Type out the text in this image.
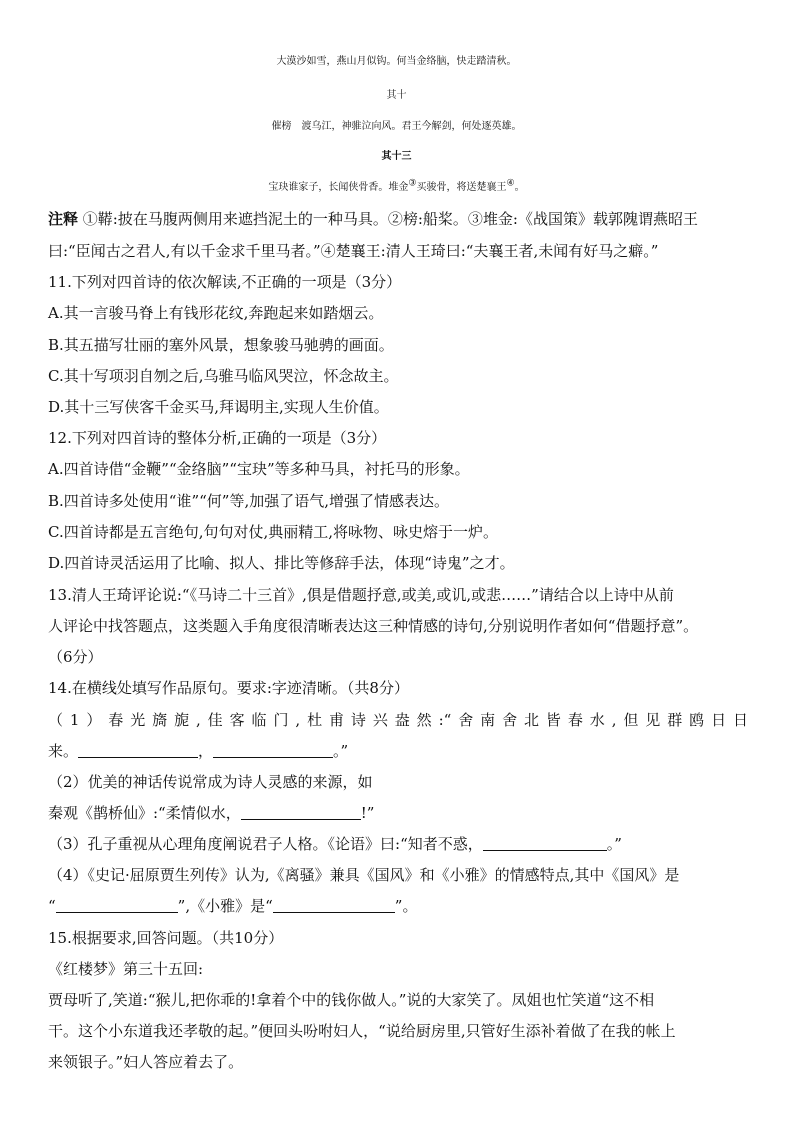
大漠沙如雪，燕山月似钩。何当金络脑，快走踏清秋。
其十
催榜　渡乌江，神骓泣向风。君王今解剑，何处逐英雄。
其十三
宝玦谁家子，长闻侠骨香。堆金③买骏骨，将送楚襄王④。
注释 ①鞯:披在马腹两侧用来遮挡泥土的一种马具。②榜:船桨。③堆金:《战国策》载郭隗谓燕昭王
曰:“臣闻古之君人,有以千金求千里马者。”④楚襄王:清人王琦曰:“夫襄王者,未闻有好马之癖。”
11.下列对四首诗的依次解读,不正确的一项是（3分）
A.其一言骏马脊上有钱形花纹,奔跑起来如踏烟云。
B.其五描写壮丽的塞外风景，想象骏马驰骋的画面。
C.其十写项羽自刎之后,乌骓马临风哭泣，怀念故主。
D.其十三写侠客千金买马,拜谒明主,实现人生价值。
12.下列对四首诗的整体分析,正确的一项是（3分）
A.四首诗借“金鞭”“金络脑”“宝玦”等多种马具，衬托马的形象。
B.四首诗多处使用“谁”“何”等,加强了语气,增强了情感表达。
C.四首诗都是五言绝句,句句对仗,典丽精工,将咏物、咏史熔于一炉。
D.四首诗灵活运用了比喻、拟人、排比等修辞手法，体现“诗鬼”之才。
13.清人王琦评论说:“《马诗二十三首》,俱是借题抒意,或美,或讥,或悲……”请结合以上诗中从前
人评论中找答题点，这类题入手角度很清晰表达这三种情感的诗句,分别说明作者如何“借题抒意”。
（6分）
14.在横线处填写作品原句。要求:字迹清晰。（共8分）
（1）春光旖旎,佳客临门,杜甫诗兴盎然:“舍南舍北皆春水,但见群鸥日日
来。	，	。”
（2）优美的神话传说常成为诗人灵感的来源，如
秦观《鹊桥仙》:“柔情似水，	!”
（3）孔子重视从心理角度阐说君子人格。《论语》曰:“知者不惑，	。”
（4）《史记·屈原贾生列传》认为,《离骚》兼具《国风》和《小雅》的情感特点,其中《国风》是
“	”,《小雅》是“	”。
15.根据要求,回答问题。（共10分）
《红楼梦》第三十五回:
贾母听了,笑道:“猴儿,把你乖的!拿着个中的钱你做人。”说的大家笑了。凤姐也忙笑道“这不相
干。这个小东道我还孝敬的起。”便回头吩咐妇人，“说给厨房里,只管好生添补着做了在我的帐上
来领银子。”妇人答应着去了。
